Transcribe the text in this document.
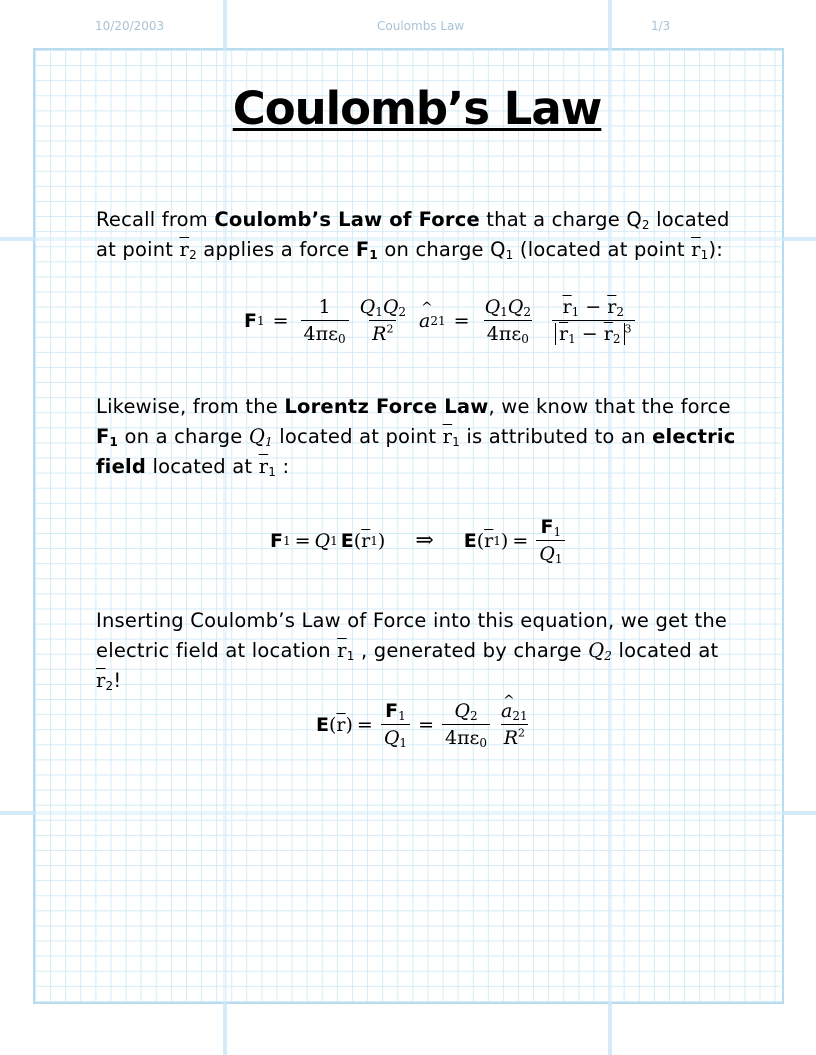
10/20/2003	Coulombs Law	1/3
Coulomb’s Law
Recall from Coulomb’s Law of Force that a charge $Q_2$ located at point $\overline{r}_2$ applies a force $F_1$ on charge $Q_1$ (located at point $\overline{r}_1$):
F $1 = \frac{1}{4\pi\varepsilon_0} \frac{Q_1Q_2}{R^2}$ ^ a $21 = \frac{Q_1Q_2}{4\pi\varepsilon_0} \frac{\overline{r}_1 - \overline{r}_2}{\overline{r}_1 - \overline{r}_2^3}$
Likewise, from the Lorentz Force Law, we know that the force $F_1$ on a charge $Q_1$ located at point $\overline{r}_1$ is attributed to an electric field located at $\overline{r}_1$ :
F 1 = Q 1 E ( $\overline{r}$ 1 ) ⇒ E ( $\overline{r}$ 1 ) = $\frac{F_1}{Q_1}$
Inserting Coulomb’s Law of Force into this equation, we get the electric field at location $\overline{r}_1$ , generated by charge $Q_2$ located at $\overline{r}_2$!
E ( $\overline{r}$ ) = $\frac{F_1}{Q_1} = \frac{Q_2}{4\pi\varepsilon_0}$ ^ $\frac{a_{21}}{R^2}$
